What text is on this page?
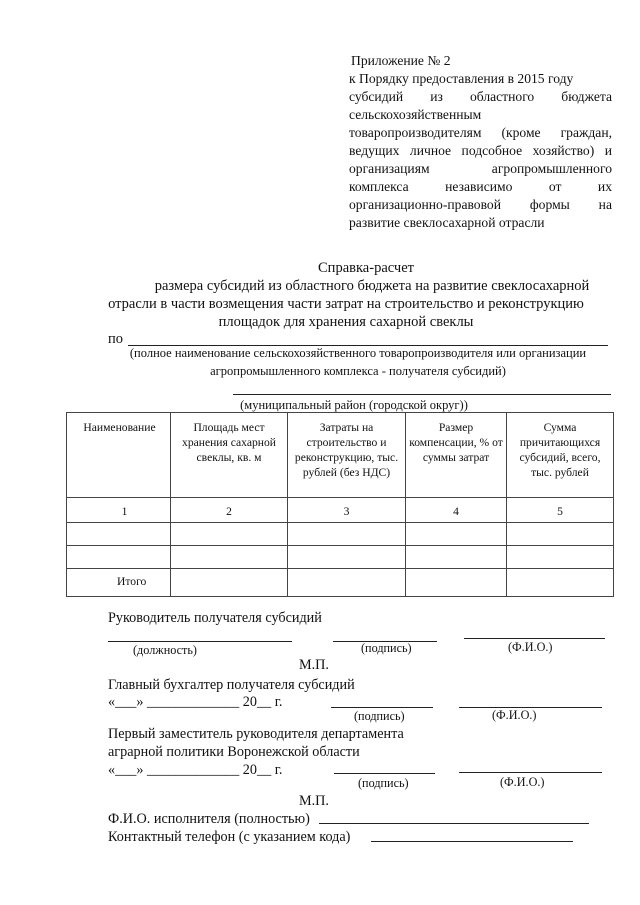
Приложение № 2
к Порядку предоставления в 2015 году
субсидий из областного бюджета
сельскохозяйственным
товаропроизводителям (кроме граждан,
ведущих личное подсобное хозяйство) и
организациям агропромышленного
комплекса независимо от их
организационно-правовой формы на
развитие свеклосахарной отрасли
Справка-расчет
размера субсидий из областного бюджета на развитие свеклосахарной
отрасли в части возмещения части затрат на строительство и реконструкцию
площадок для хранения сахарной свеклы
по
(полное наименование сельскохозяйственного товаропроизводителя или организации
агропромышленного комплекса - получателя субсидий)
(муниципальный район (городской округ))
Наименование	Площадь мест хранения сахарной свеклы, кв. м	Затраты на строительство и реконструкцию, тыс. рублей (без НДС)	Размер компенсации, % от суммы затрат	Сумма причитающихся субсидий, всего, тыс. рублей
1	2	3	4	5

Итого				
Руководитель получателя субсидий
(должность)	(подпись)	(Ф.И.О.)
М.П.
Главный бухгалтер получателя субсидий
«___» _____________ 20__ г.
(подпись)	(Ф.И.О.)
Первый заместитель руководителя департамента
аграрной политики Воронежской области
«___» _____________ 20__ г.
(подпись)	(Ф.И.О.)
М.П.
Ф.И.О. исполнителя (полностью)
Контактный телефон (с указанием кода)
